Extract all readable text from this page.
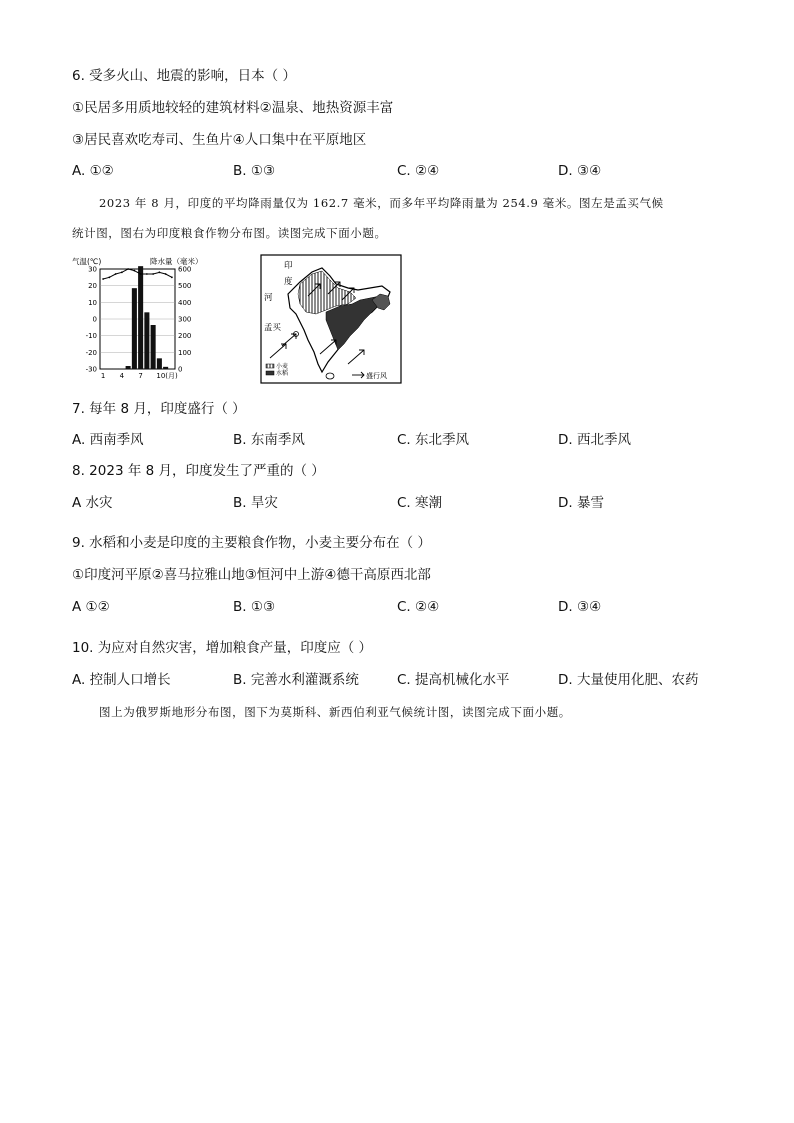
6. 受多火山、地震的影响，日本（ ）
①民居多用质地较轻的建筑材料②温泉、地热资源丰富
③居民喜欢吃寿司、生鱼片④人口集中在平原地区
A. ①②	B. ①③	C. ②④	D. ③④
2023 年 8 月，印度的平均降雨量仅为 162.7 毫米，而多年平均降雨量为 254.9 毫米。图左是孟买气候
统计图，图右为印度粮食作物分布图。读图完成下面小题。
气温(℃)	降水量（毫米）
30
20
10
0
-10
-20
-30
600
500
400
300
200
100
0
1 4 7 10(月)
印
度
河
孟买
小麦
水稻	盛行风
7. 每年 8 月，印度盛行（ ）
A. 西南季风	B. 东南季风	C. 东北季风	D. 西北季风
8. 2023 年 8 月，印度发生了严重的（ ）
A 水灾	B. 旱灾	C. 寒潮	D. 暴雪
9. 水稻和小麦是印度的主要粮食作物，小麦主要分布在（ ）
①印度河平原②喜马拉雅山地③恒河中上游④德干高原西北部
A ①②	B. ①③	C. ②④	D. ③④
10. 为应对自然灾害，增加粮食产量，印度应（ ）
A. 控制人口增长	B. 完善水利灌溉系统	C. 提高机械化水平	D. 大量使用化肥、农药
图上为俄罗斯地形分布图，图下为莫斯科、新西伯利亚气候统计图，读图完成下面小题。
